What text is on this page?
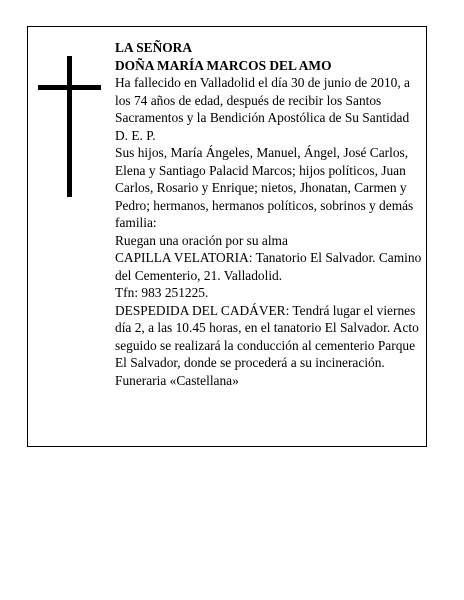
LA SEÑORA

DOÑA MARÍA MARCOS DEL AMO

Ha fallecido en Valladolid el día 30 de junio de 2010, a los 74 años de edad, después de recibir los Santos Sacramentos y la Bendición Apostólica de Su Santidad D. E. P.

Sus hijos, María Ángeles, Manuel, Ángel, José Carlos, Elena y Santiago Palacid Marcos; hijos políticos, Juan Carlos, Rosario y Enrique; nietos, Jhonatan, Carmen y Pedro; hermanos, hermanos políticos, sobrinos y demás familia:

Ruegan una oración por su alma

CAPILLA VELATORIA: Tanatorio El Salvador. Camino del Cementerio, 21. Valladolid.

Tfn: 983 251225.

DESPEDIDA DEL CADÁVER: Tendrá lugar el viernes día 2, a las 10.45 horas, en el tanatorio El Salvador. Acto seguido se realizará la conducción al cementerio Parque El Salvador, donde se procederá a su incineración.

Funeraria «Castellana»
